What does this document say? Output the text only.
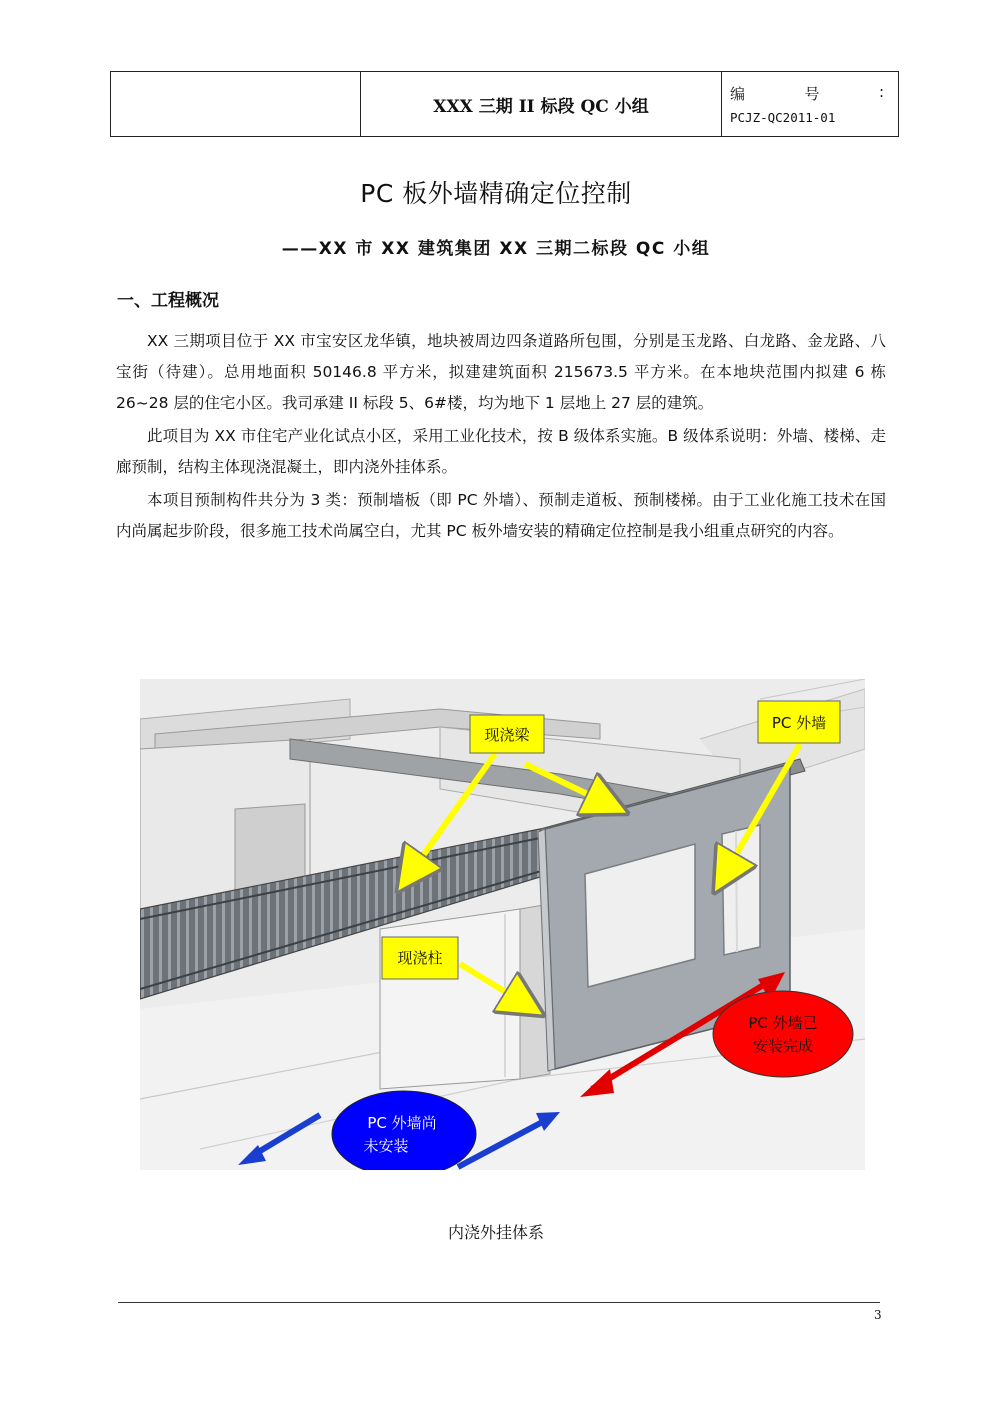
	XXX 三期 II 标段 QC 小组	
编	号	:
PCJZ-QC2011-01
PC 板外墙精确定位控制
——XX 市 XX 建筑集团 XX 三期二标段 QC 小组
一、工程概况

XX 三期项目位于 XX 市宝安区龙华镇，地块被周边四条道路所包围，分别是玉龙路、白龙路、金龙路、八宝街（待建）。总用地面积 50146.8 平方米，拟建建筑面积 215673.5 平方米。在本地块范围内拟建 6 栋 26~28 层的住宅小区。我司承建 II 标段 5、6#楼，均为地下 1 层地上 27 层的建筑。

此项目为 XX 市住宅产业化试点小区，采用工业化技术，按 B 级体系实施。B 级体系说明：外墙、楼梯、走廊预制，结构主体现浇混凝土，即内浇外挂体系。

本项目预制构件共分为 3 类：预制墙板（即 PC 外墙）、预制走道板、预制楼梯。由于工业化施工技术在国内尚属起步阶段，很多施工技术尚属空白，尤其 PC 板外墙安装的精确定位控制是我小组重点研究的内容。

现浇梁
PC 外墙
现浇柱
PC 外墙已
安装完成
PC 外墙尚
未安装
内浇外挂体系
3
